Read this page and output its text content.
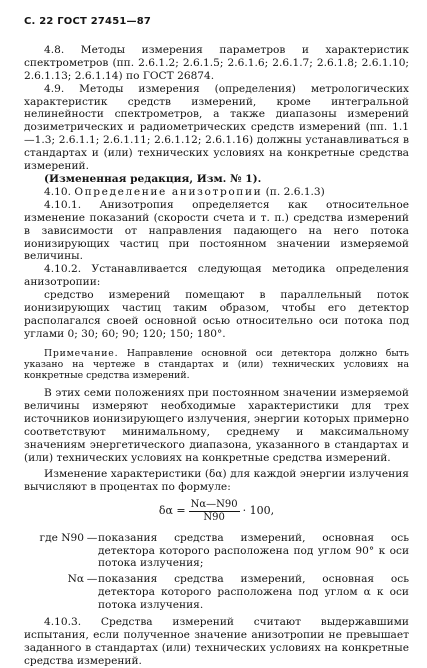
С. 22 ГОСТ 27451—87

4.8. Методы измерения параметров и характеристик спектрометров (пп. 2.6.1.2; 2.6.1.5; 2.6.1.6; 2.6.1.7; 2.6.1.8; 2.6.1.10; 2.6.1.13; 2.6.1.14) по ГОСТ 26874.

4.9. Методы измерения (определения) метрологических характеристик средств измерений, кроме интегральной нелинейности спектрометров, а также диапазоны измерений дозиметрических и радиометрических средств измерений (пп. 1.1—1.3; 2.6.1.1; 2.6.1.11; 2.6.1.12; 2.6.1.16) должны устанавливаться в стандартах и (или) технических условиях на конкретные средства измерений.

(Измененная редакция, Изм. № 1).

4.10. Определение анизотропии (п. 2.6.1.3)

4.10.1. Анизотропия определяется как относительное изменение показаний (скорости счета и т. п.) средства измерений в зависимости от направления падающего на него потока ионизирующих частиц при постоянном значении измеряемой величины.

4.10.2. Устанавливается следующая методика определения анизотропии:

средство измерений помещают в параллельный поток ионизирующих частиц таким образом, чтобы его детектор располагался своей основной осью относительно оси потока под углами 0; 30; 60; 90; 120; 150; 180°.

Примечание. Направление основной оси детектора должно быть указано на чертеже в стандартах и (или) технических условиях на конкретные средства измерений.

В этих семи положениях при постоянном значении измеряемой величины измеряют необходимые характеристики для трех источников ионизирующего излучения, энергии которых примерно соответствуют минимальному, среднему и максимальному значениям энергетического диапазона, указанного в стандартах и (или) технических условиях на конкретные средства измерений.

Изменение характеристики (δα) для каждой энергии излучения вычисляют в процентах по формуле:

$\delta\alpha = \frac{N\alpha—N90}{N90} \cdot 100$,
где N90 — показания средства измерений, основная ось детектора которого расположена под углом 90° к оси потока излучения;
Nα — показания средства измерений, основная ось детектора которого расположена под углом α к оси потока излучения.

4.10.3. Средства измерений считают выдержавшими испытания, если полученное значение анизотропии не превышает заданного в стандартах (или) технических условиях на конкретные средства измерений.
